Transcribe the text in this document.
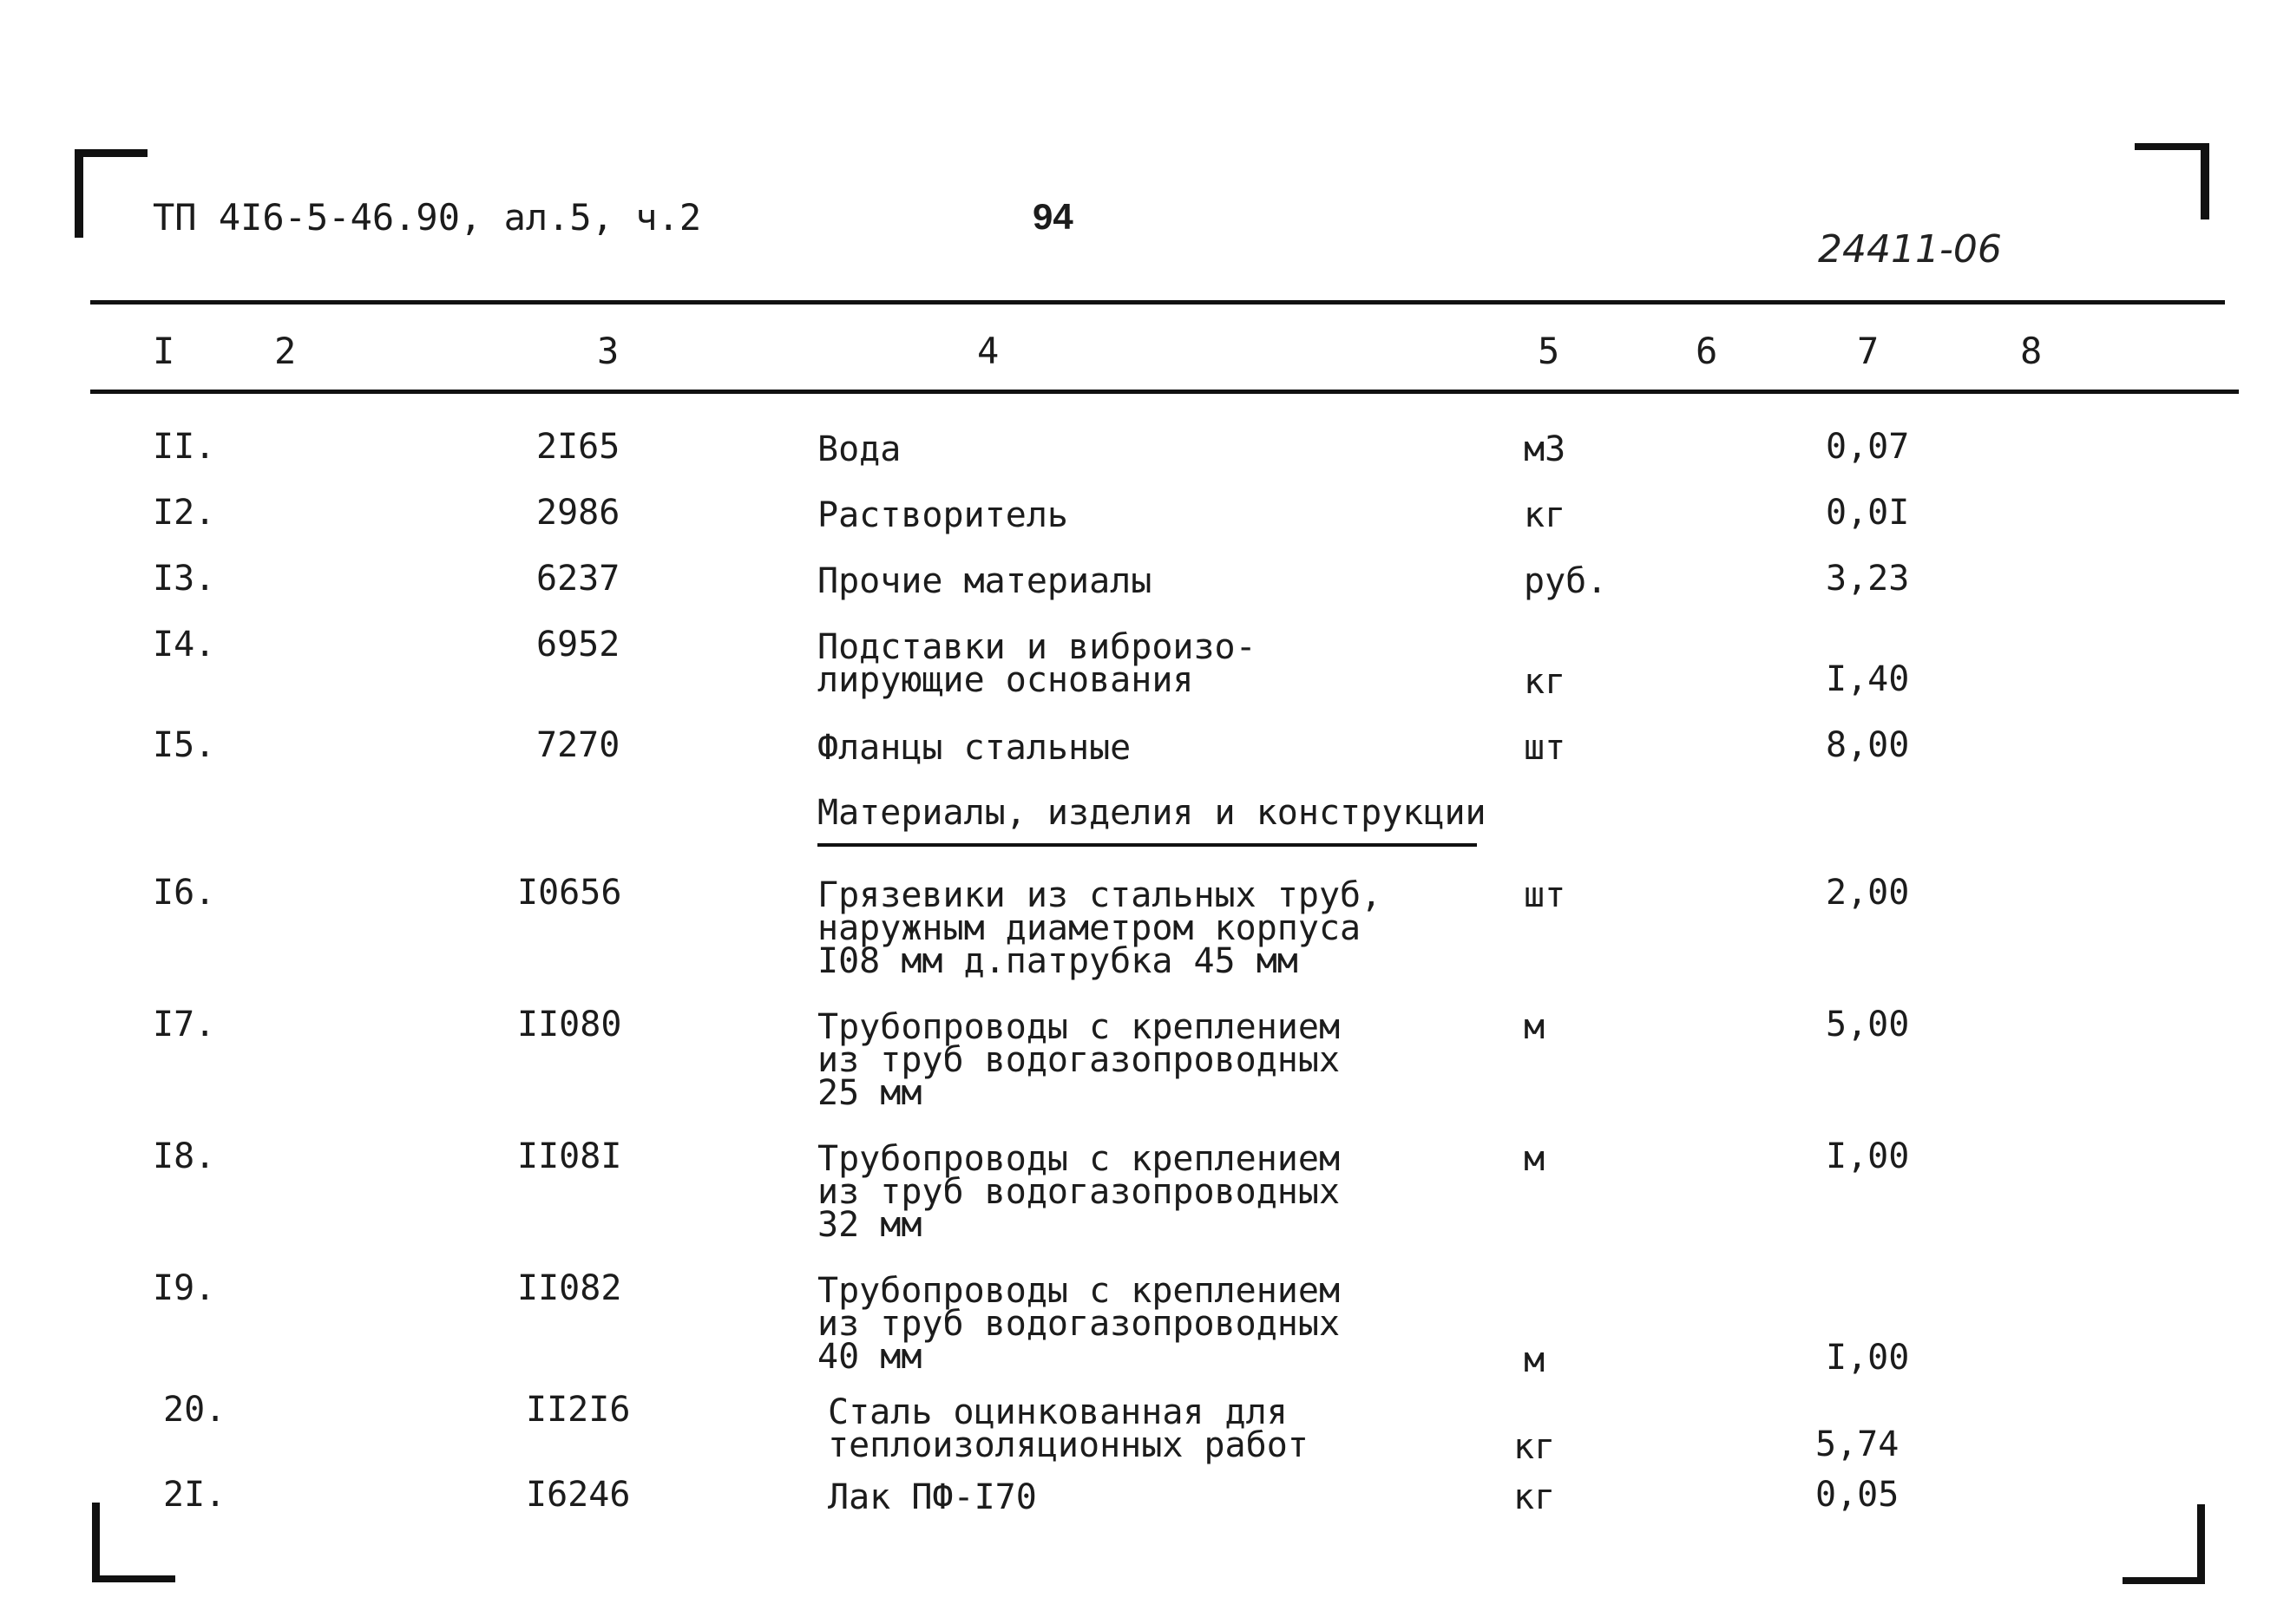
ТП 4I6-5-46.90, ал.5, ч.2	94
24411-06
I	2	3	4	5	6	7	8
II.	2I65	Вода	м3	0,07
I2.	2986	Растворитель	кг	0,0I
I3.	6237	Прочие материалы	руб.	3,23
I4.	6952	Подставки и виброизо-
лирующие основания	кг	I,40
I5.	7270	Фланцы стальные	шт	8,00
Материалы, изделия и конструкции
I6.	I0656	Грязевики из стальных труб,
наружным диаметром корпуса
I08 мм д.патрубка 45 мм
шт	2,00
I7.	II080	Трубопроводы с креплением
из труб водогазопроводных
25 мм
м	5,00
I8.	II08I	Трубопроводы с креплением
из труб водогазопроводных
32 мм
м	I,00
I9.	II082	Трубопроводы с креплением
из труб водогазопроводных
40 мм	м	I,00
20.	II2I6	Сталь оцинкованная для
теплоизоляционных работ	кг	5,74
2I.	I6246	Лак ПФ-I70	кг	0,05
